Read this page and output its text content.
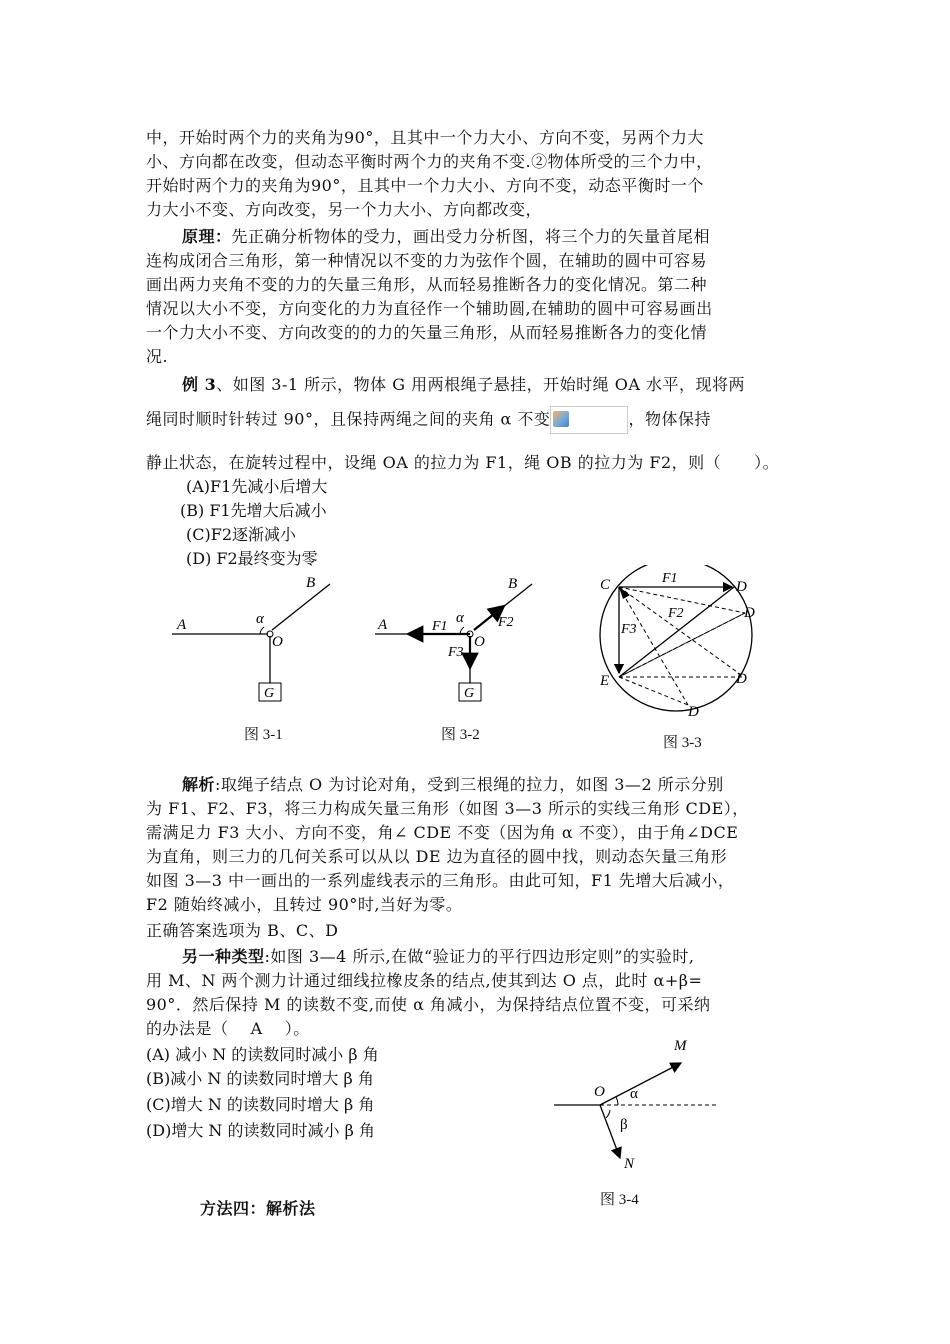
中，开始时两个力的夹角为90°，且其中一个力大小、方向不变，另两个力大
小、方向都在改变，但动态平衡时两个力的夹角不变.②物体所受的三个力中，
开始时两个力的夹角为90°，且其中一个力大小、方向不变，动态平衡时一个
力大小不变、方向改变，另一个力大小、方向都改变，
原理：先正确分析物体的受力，画出受力分析图，将三个力的矢量首尾相
连构成闭合三角形，第一种情况以不变的力为弦作个圆，在辅助的圆中可容易
画出两力夹角不变的力的矢量三角形，从而轻易推断各力的变化情况。第二种
情况以大小不变，方向变化的力为直径作一个辅助圆,在辅助的圆中可容易画出
一个力大小不变、方向改变的的力的矢量三角形，从而轻易推断各力的变化情
况.
例 3、如图 3-1 所示，物体 G 用两根绳子悬挂，开始时绳 OA 水平，现将两
绳同时顺时针转过 90°，且保持两绳之间的夹角 α 不变	，物体保持
静止状态，在旋转过程中，设绳 OA 的拉力为 F1，绳 OB 的拉力为 F2，则（　　）。
(A)F1先减小后增大
(B) F1先增大后减小
(C)F2逐渐减小
(D) F2最终变为零
A
B
O
α
G
图 3-1
A
B
O
α
F1	F2
F3
G
图 3-2
C	D
D
D
D
E
F1
F2
F3
图 3-3
解析:取绳子结点 O 为讨论对角，受到三根绳的拉力，如图 3—2 所示分别
为 F1、F2、F3，将三力构成矢量三角形（如图 3—3 所示的实线三角形 CDE），
需满足力 F3 大小、方向不变，角∠ CDE 不变（因为角 α 不变），由于角∠DCE
为直角，则三力的几何关系可以从以 DE 边为直径的圆中找，则动态矢量三角形
如图 3—3 中一画出的一系列虚线表示的三角形。由此可知，F1 先增大后减小，
F2 随始终减小，且转过 90°时,当好为零。
正确答案选项为 B、C、D
另一种类型:如图 3—4 所示,在做“验证力的平行四边形定则”的实验时,
用 M、N 两个测力计通过细线拉橡皮条的结点,使其到达 O 点，此时 α+β=
90°．然后保持 M 的读数不变,而使 α 角减小，为保持结点位置不变，可采纳
的办法是（　 A　 ）。
(A) 减小 N 的读数同时减小 β 角
(B)减小 N 的读数同时增大 β 角
(C)增大 N 的读数同时增大 β 角
(D)增大 N 的读数同时减小 β 角
O
M
N
α
β
图 3-4
方法四：解析法
